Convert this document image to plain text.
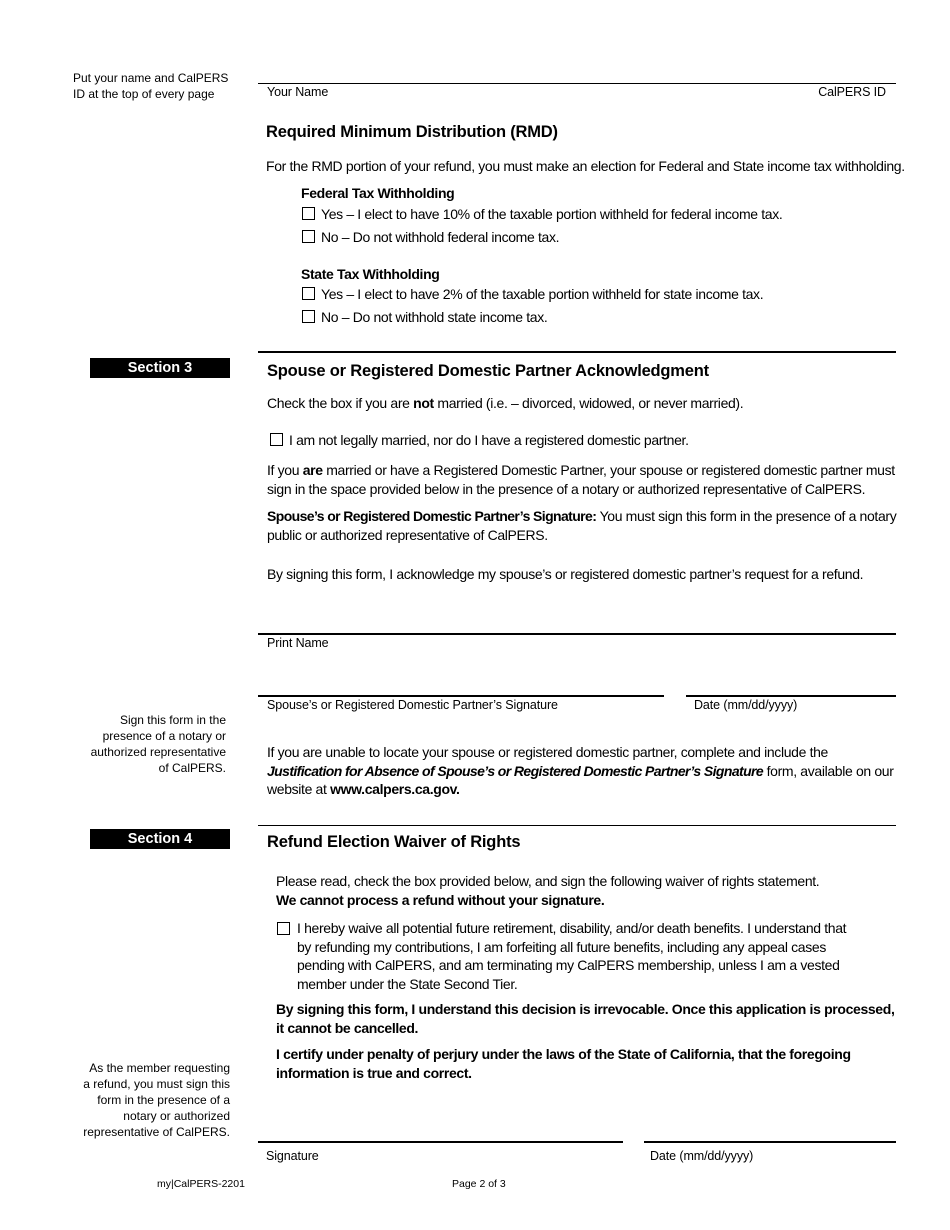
Put your name and CalPERS
ID at the top of every page	Your Name	CalPERS ID
Required Minimum Distribution (RMD)
For the RMD portion of your refund, you must make an election for Federal and State income tax withholding.
Federal Tax Withholding
Yes – I elect to have 10% of the taxable portion withheld for federal income tax.
No – Do not withhold federal income tax.
State Tax Withholding
Yes – I elect to have 2% of the taxable portion withheld for state income tax.
No – Do not withhold state income tax.
Section 3	Spouse or Registered Domestic Partner Acknowledgment
Check the box if you are not married (i.e. – divorced, widowed, or never married).
I am not legally married, nor do I have a registered domestic partner.
If you are married or have a Registered Domestic Partner, your spouse or registered domestic partner must
sign in the space provided below in the presence of a notary or authorized representative of CalPERS.
Spouse’s or Registered Domestic Partner’s Signature: You must sign this form in the presence of a notary
public or authorized representative of CalPERS.
By signing this form, I acknowledge my spouse’s or registered domestic partner’s request for a refund.
Print Name
Spouse’s or Registered Domestic Partner’s Signature	Date (mm/dd/yyyy)
Sign this form in the
presence of a notary or
authorized representative
of CalPERS.
If you are unable to locate your spouse or registered domestic partner, complete and include the
Justification for Absence of Spouse’s or Registered Domestic Partner’s Signature form, available on our
website at www.calpers.ca.gov.
Section 4	Refund Election Waiver of Rights
Please read, check the box provided below, and sign the following waiver of rights statement.
We cannot process a refund without your signature.
I hereby waive all potential future retirement, disability, and/or death benefits. I understand that
by refunding my contributions, I am forfeiting all future benefits, including any appeal cases
pending with CalPERS, and am terminating my CalPERS membership, unless I am a vested
member under the State Second Tier.
By signing this form, I understand this decision is irrevocable. Once this application is processed,
it cannot be cancelled.
I certify under penalty of perjury under the laws of the State of California, that the foregoing
information is true and correct.
As the member requesting
a refund, you must sign this
form in the presence of a
notary or authorized
representative of CalPERS.
Signature	Date (mm/dd/yyyy)
my|CalPERS-2201	Page 2 of 3
